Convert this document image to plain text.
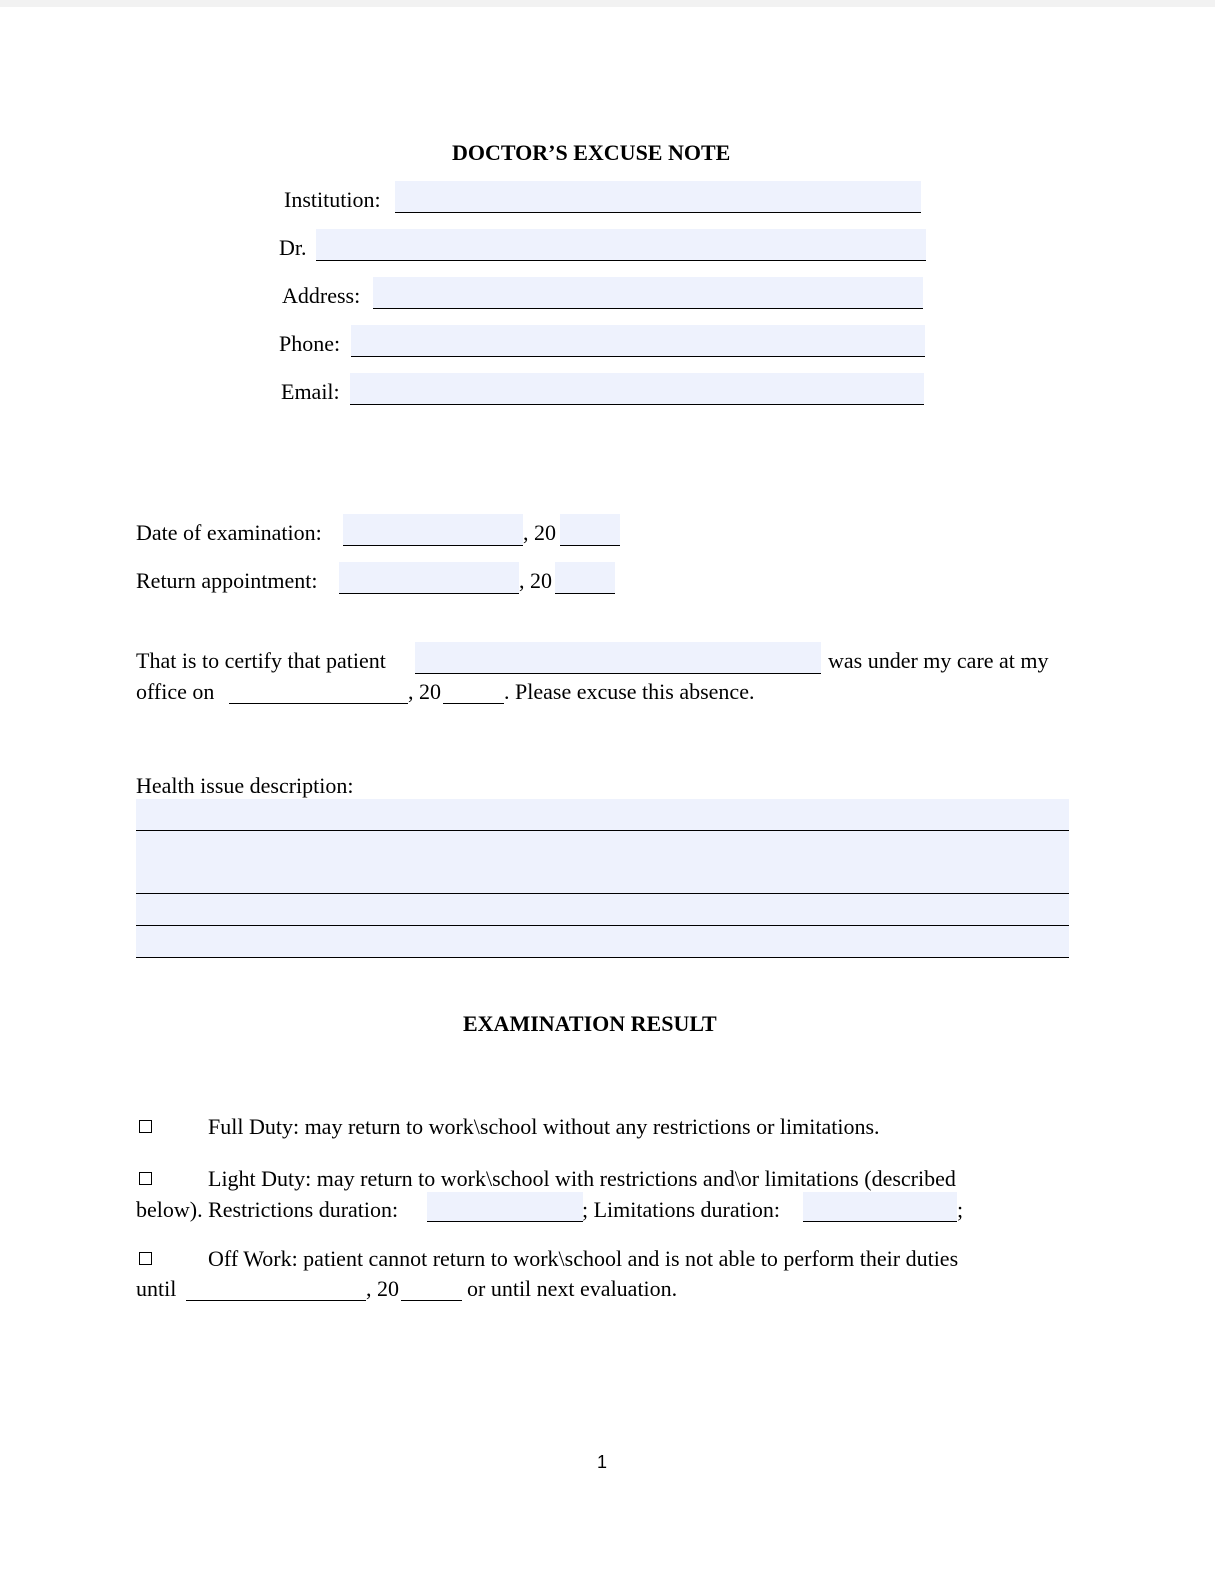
DOCTOR’S EXCUSE NOTE
Institution:
Dr.
Address:
Phone:
Email:
Date of examination:	, 20
Return appointment:	, 20
That is to certify that patient	was under my care at my
office on	, 20	. Please excuse this absence.
Health issue description:
EXAMINATION RESULT
Full Duty: may return to work\school without any restrictions or limitations.
Light Duty: may return to work\school with restrictions and\or limitations (described
below). Restrictions duration:	; Limitations duration:	;
Off Work: patient cannot return to work\school and is not able to perform their duties
until	, 20	or until next evaluation.
1
